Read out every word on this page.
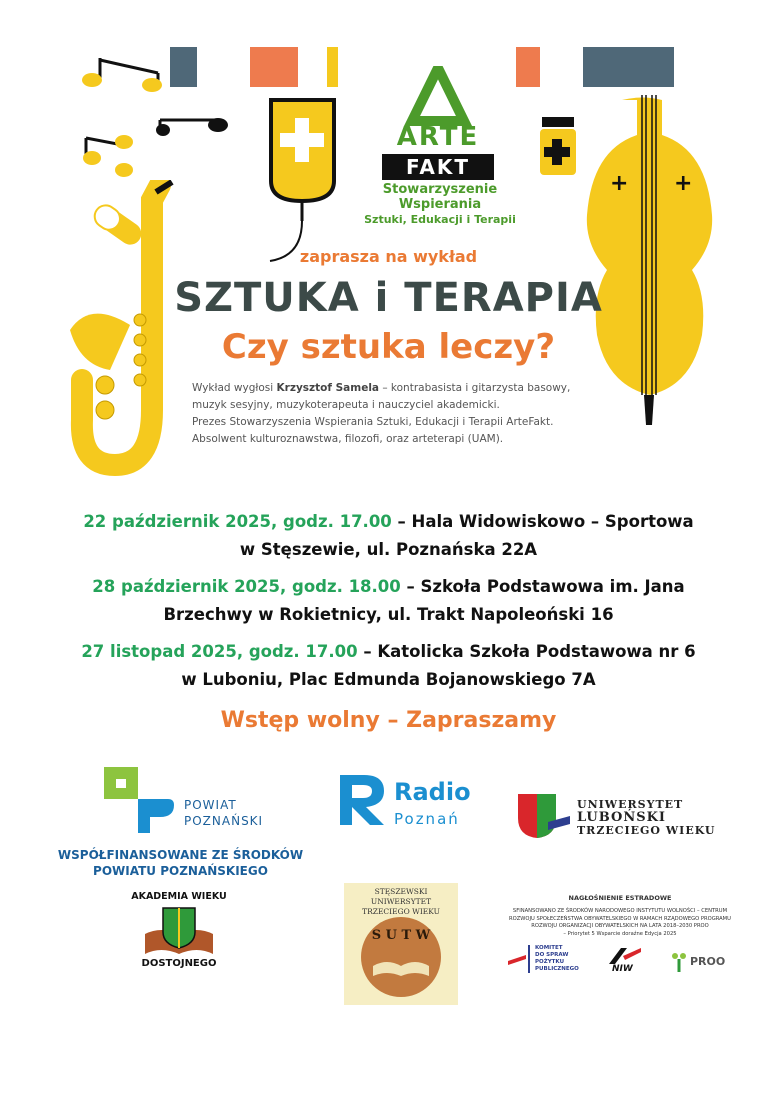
+ +
ARTE
FAKT
Stowarzyszenie
Wspierania
Sztuki, Edukacji i Terapii
zaprasza na wykład
SZTUKA i TERAPIA
Czy sztuka leczy?
Wykład wygłosi Krzysztof Samela – kontrabasista i gitarzysta basowy,
muzyk sesyjny, muzykoterapeuta i nauczyciel akademicki.
Prezes Stowarzyszenia Wspierania Sztuki, Edukacji i Terapii ArteFakt.
Absolwent kulturoznawstwa, filozofi, oraz arteterapi (UAM).
22 październik 2025, godz. 17.00 – Hala Widowiskowo – Sportowa
w Stęszewie, ul. Poznańska 22A
28 październik 2025, godz. 18.00 – Szkoła Podstawowa im. Jana
Brzechwy w Rokietnicy, ul. Trakt Napoleoński 16
27 listopad 2025, godz. 17.00 – Katolicka Szkoła Podstawowa nr 6
w Luboniu, Plac Edmunda Bojanowskiego 7A
Wstęp wolny – Zapraszamy
POWIAT
POZNAŃSKI
WSPÓŁFINANSOWANE ZE ŚRODKÓW
POWIATU POZNAŃSKIEGO
Radio
Poznań
UNIWERSYTET
LUBOŃSKI
TRZECIEGO WIEKU
AKADEMIA WIEKU
DOSTOJNEGO
STĘSZEWSKI UNIWERSYTET
TRZECIEGO WIEKU
S U T W
NAGŁOŚNIENIE ESTRADOWE
SFINANSOWANO ZE ŚRODKÓW NARODOWEGO INSTYTUTU WOLNOŚCI – CENTRUM
ROZWOJU SPOŁECZEŃSTWA OBYWATELSKIEGO W RAMACH RZĄDOWEGO PROGRAMU
ROZWOJU ORGANIZACJI OBYWATELSKICH NA LATA 2018–2030 PROO
– Priorytet 5 Wsparcie doraźne Edycja 2025
KOMITET
DO SPRAW
POŻYTKU
PUBLICZNEGO	NIW
PROO
